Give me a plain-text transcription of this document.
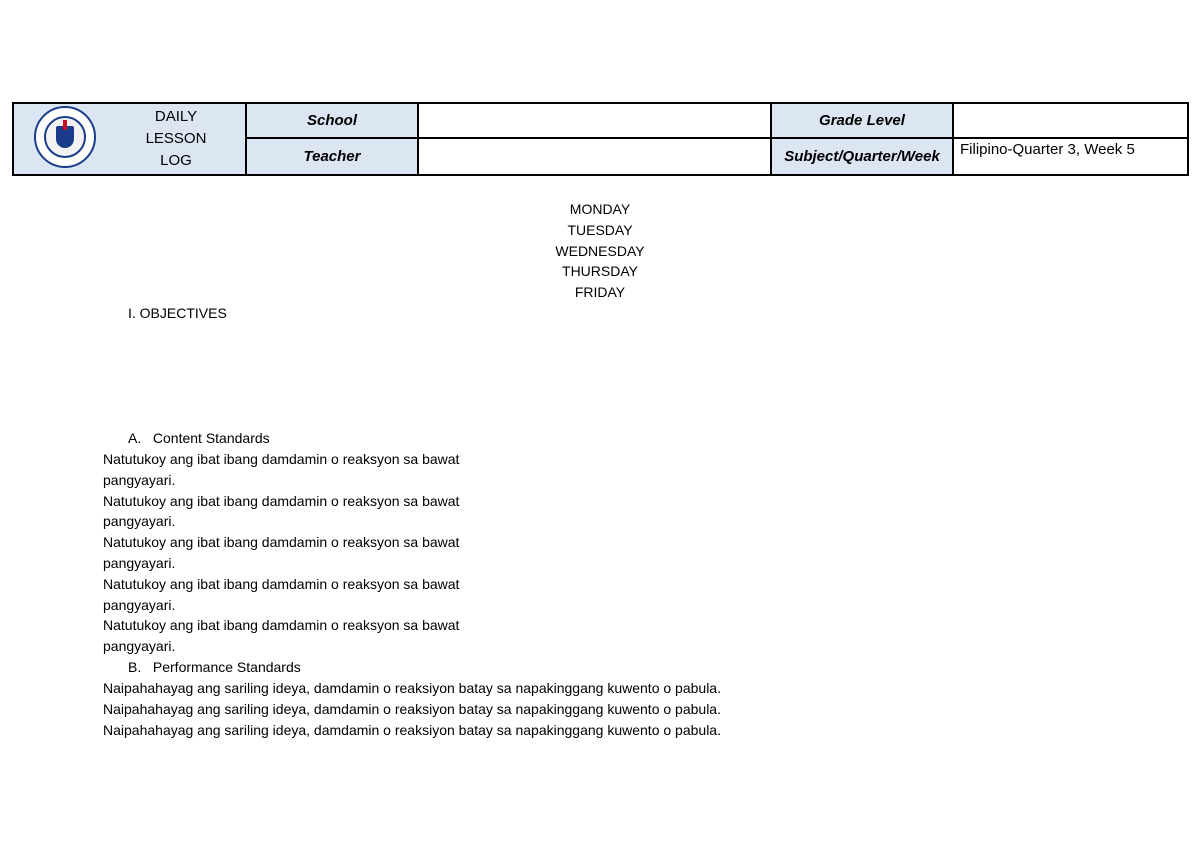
DAILY LESSON
LOG	School		Grade Level	
	Teacher		Subject/Quarter/Week	Filipino-Quarter 3, Week 5
MONDAY
TUESDAY
WEDNESDAY
THURSDAY
FRIDAY
I. OBJECTIVES
A.   Content Standards

Natutukoy ang ibat ibang damdamin o reaksyon sa bawat pangyayari.

Natutukoy ang ibat ibang damdamin o reaksyon sa bawat pangyayari.

Natutukoy ang ibat ibang damdamin o reaksyon sa bawat pangyayari.

Natutukoy ang ibat ibang damdamin o reaksyon sa bawat pangyayari.

Natutukoy ang ibat ibang damdamin o reaksyon sa bawat pangyayari.

B.   Performance Standards

Naipahahayag ang sariling ideya, damdamin o reaksiyon batay sa napakinggang kuwento o pabula.

Naipahahayag ang sariling ideya, damdamin o reaksiyon batay sa napakinggang kuwento o pabula.

Naipahahayag ang sariling ideya, damdamin o reaksiyon batay sa napakinggang kuwento o pabula.
